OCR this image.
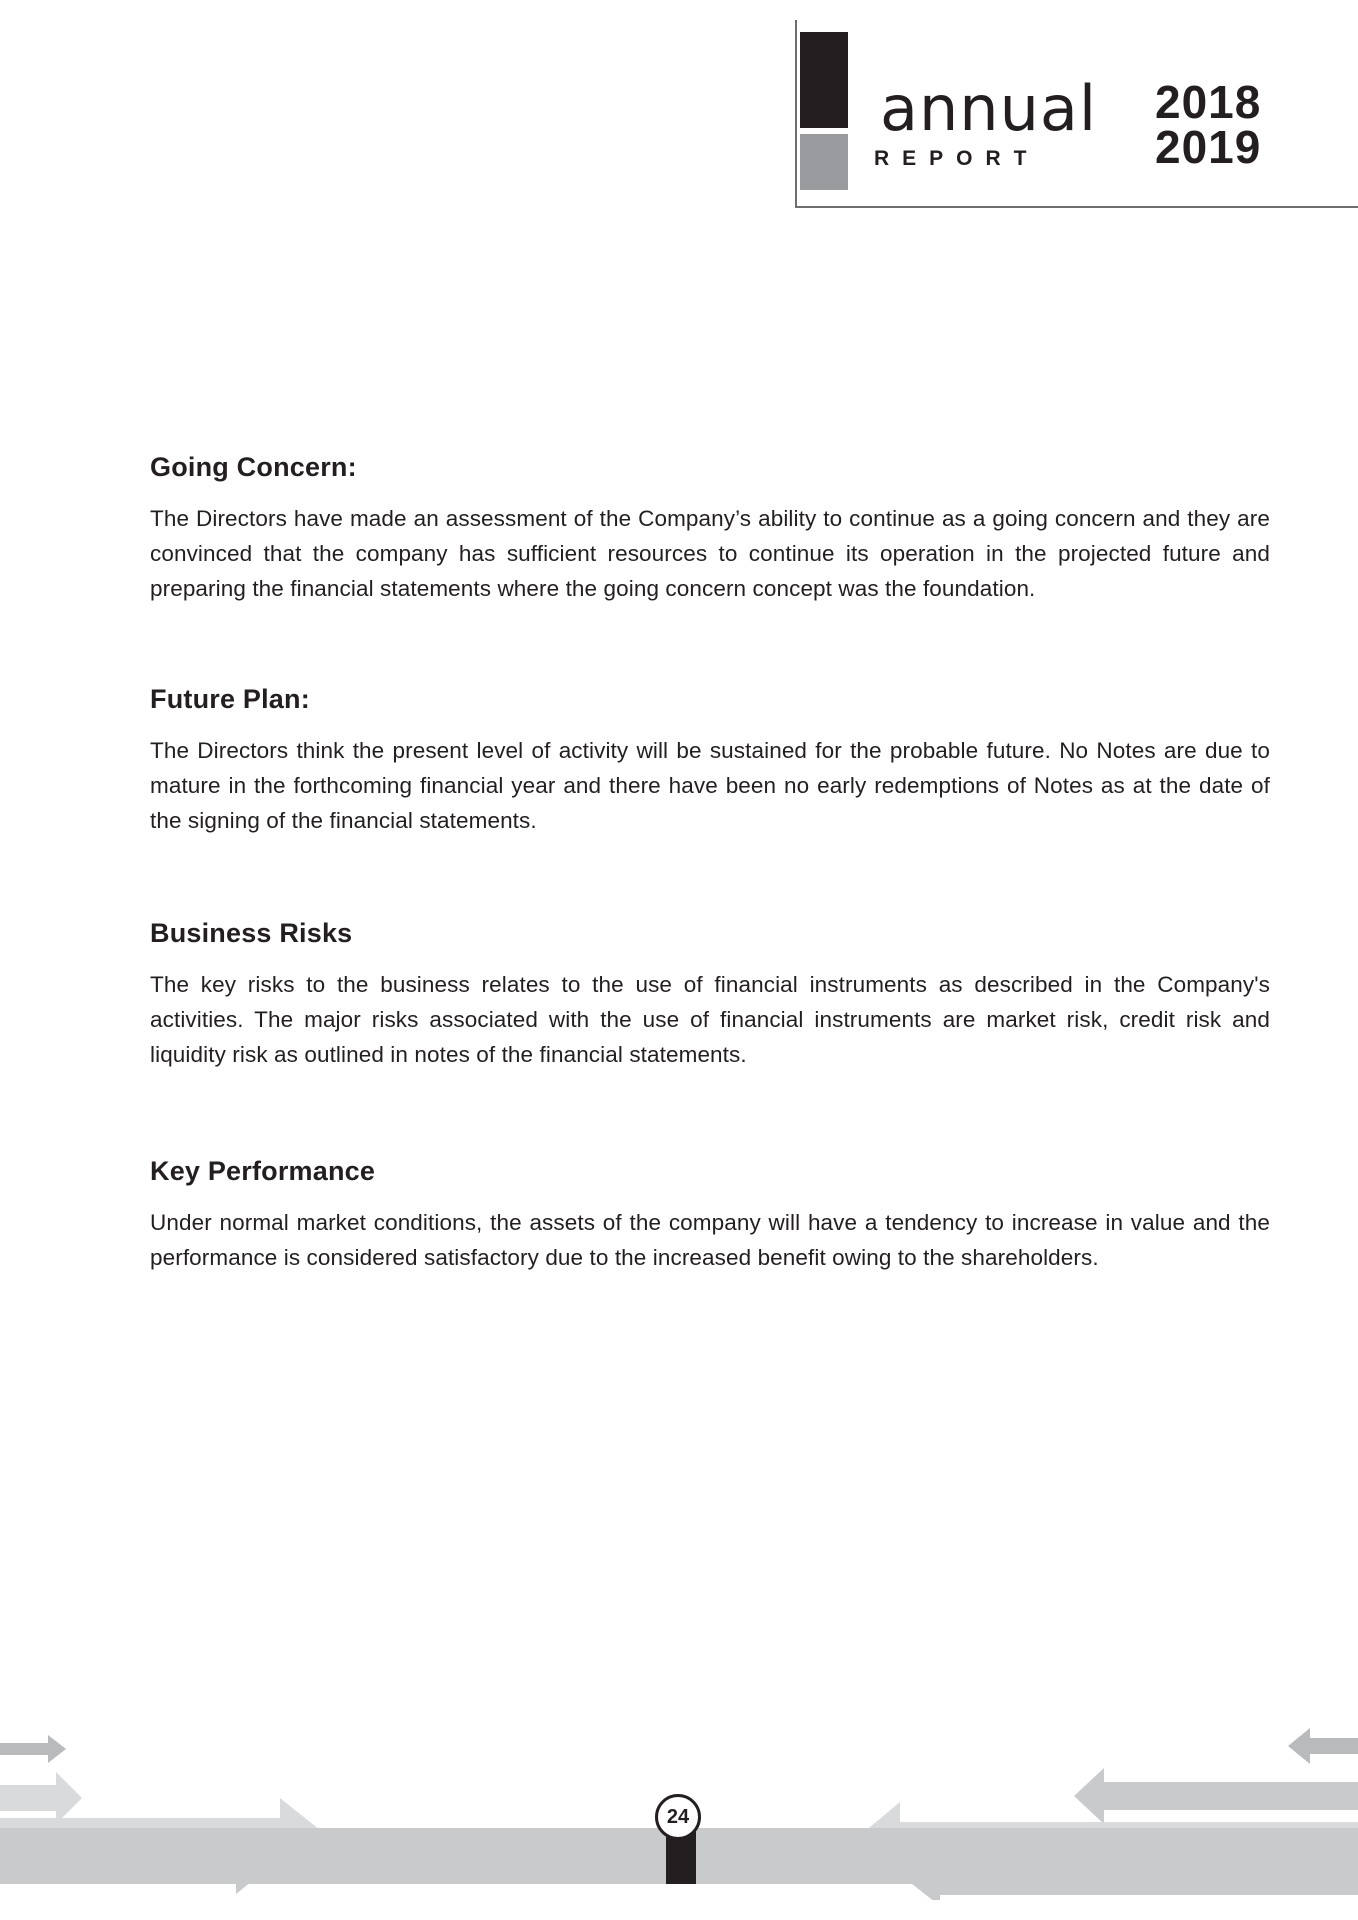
annual
REPORT
2018
2019
Going Concern:

The Directors have made an assessment of the Company’s ability to continue as a going concern and they are convinced that the company has sufficient resources to continue its operation in the projected future and preparing the financial statements where the going concern concept was the foundation.

Future Plan:

The Directors think the present level of activity will be sustained for the probable future. No Notes are due to mature in the forthcoming financial year and there have been no early redemptions of Notes as at the date of the signing of the financial statements.

Business Risks

The key risks to the business relates to the use of financial instruments as described in the Company's activities. The major risks associated with the use of financial instruments are market risk, credit risk and liquidity risk as outlined in notes of the financial statements.

Key Performance

Under normal market conditions, the assets of the company will have a tendency to increase in value and the performance is considered satisfactory due to the increased benefit owing to the shareholders.

24
